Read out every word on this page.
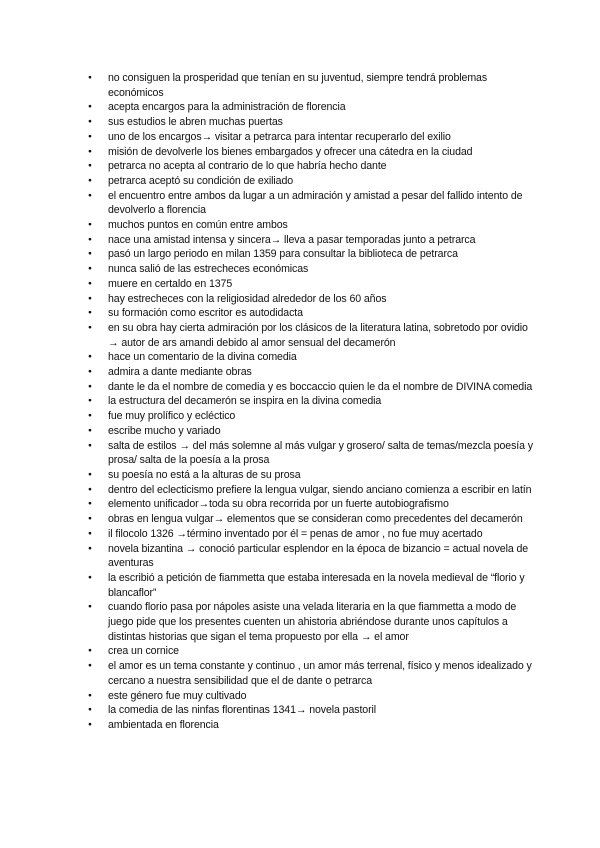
● no consiguen la prosperidad que tenían en su juventud, siempre tendrá problemas económicos
● acepta encargos para la administración de florencia
● sus estudios le abren muchas puertas
● uno de los encargos→ visitar a petrarca para intentar recuperarlo del exilio
● misión de devolverle los bienes embargados y ofrecer una cátedra en la ciudad
● petrarca no acepta al contrario de lo que habría hecho dante
● petrarca aceptó su condición de exiliado
● el encuentro entre ambos da lugar a un admiración y amistad a pesar del fallido intento de devolverlo a florencia
● muchos puntos en común entre ambos
● nace una amistad intensa y sincera→ lleva a pasar temporadas junto a petrarca
● pasó un largo periodo en milan 1359 para consultar la biblioteca de petrarca
● nunca salió de las estrecheces económicas
● muere en certaldo en 1375
● hay estrecheces con la religiosidad alrededor de los 60 años
● su formación como escritor es autodidacta
● en su obra hay cierta admiración por los clásicos de la literatura latina, sobretodo por ovidio → autor de ars amandi debido al amor sensual del decamerón
● hace un comentario de la divina comedia
● admira a dante mediante obras
● dante le da el nombre de comedia y es boccaccio quien le da el nombre de DIVINA comedia
● la estructura del decamerón se inspira en la divina comedia
● fue muy prolífico y ecléctico
● escribe mucho y variado
● salta de estilos → del más solemne al más vulgar y grosero/ salta de temas/mezcla poesía y prosa/ salta de la poesía a la prosa
● su poesía no está a la alturas de su prosa
● dentro del eclecticismo prefiere la lengua vulgar, siendo anciano comienza a escribir en latín
● elemento unificador→toda su obra recorrida por un fuerte autobiografismo
● obras en lengua vulgar→ elementos que se consideran como precedentes del decamerón
● il filocolo 1326 →término inventado por él = penas de amor , no fue muy acertado
● novela bizantina → conoció particular esplendor en la época de bizancio = actual novela de aventuras
● la escribió a petición de fiammetta que estaba interesada en la novela medieval de “florio y blancaflor”
● cuando florio pasa por nápoles asiste una velada literaria en la que fiammetta a modo de juego pide que los presentes cuenten un ahistoria abriéndose durante unos capítulos a distintas historias que sigan el tema propuesto por ella → el amor
● crea un cornice
● el amor es un tema constante y continuo , un amor más terrenal, físico y menos idealizado y cercano a nuestra sensibilidad que el de dante o petrarca
● este género fue muy cultivado
● la comedia de las ninfas florentinas 1341→ novela pastoril
● ambientada en florencia
